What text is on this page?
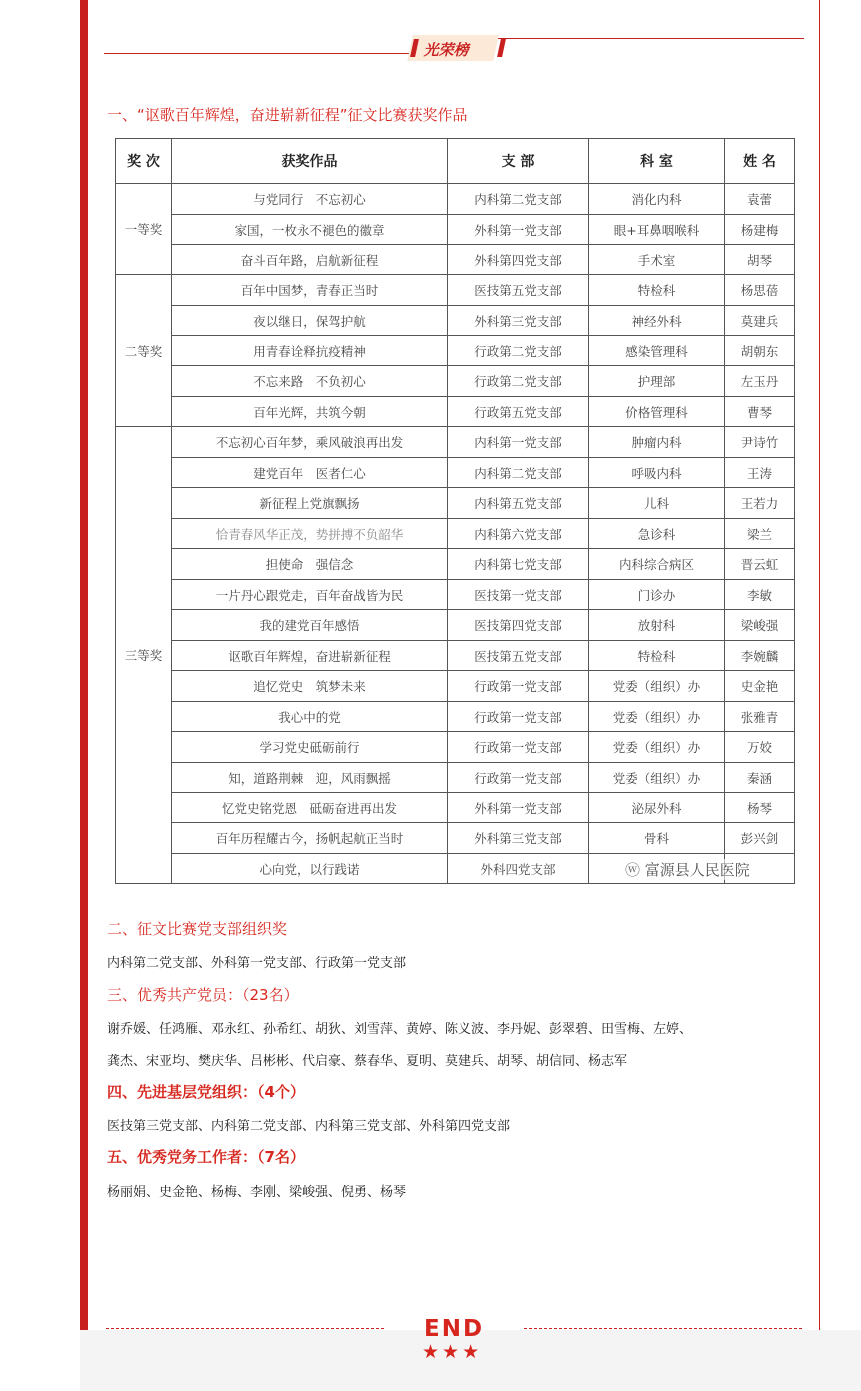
光荣榜
一、“讴歌百年辉煌，奋进崭新征程”征文比赛获奖作品
奖 次	获奖作品	支 部	科 室	姓 名
一等奖	与党同行　不忘初心	内科第二党支部	消化内科	袁蕾
	家国，一枚永不褪色的徽章	外科第一党支部	眼+耳鼻咽喉科	杨建梅
	奋斗百年路，启航新征程	外科第四党支部	手术室	胡琴
二等奖	百年中国梦，青春正当时	医技第五党支部	特检科	杨思蓓
	夜以继日，保驾护航	外科第三党支部	神经外科	莫建兵
	用青春诠释抗疫精神	行政第二党支部	感染管理科	胡朝东
	不忘来路　不负初心	行政第二党支部	护理部	左玉丹
	百年光辉，共筑今朝	行政第五党支部	价格管理科	曹琴
三等奖	不忘初心百年梦，乘风破浪再出发	内科第一党支部	肿瘤内科	尹诗竹
	建党百年　医者仁心	内科第二党支部	呼吸内科	王涛
	新征程上党旗飘扬	内科第五党支部	儿科	王若力
	恰青春风华正茂，势拼搏不负韶华	内科第六党支部	急诊科	梁兰
	担使命　强信念	内科第七党支部	内科综合病区	晋云虹
	一片丹心跟党走，百年奋战皆为民	医技第一党支部	门诊办	李敏
	我的建党百年感悟	医技第四党支部	放射科	梁峻强
	讴歌百年辉煌，奋进崭新征程	医技第五党支部	特检科	李婉麟
	追忆党史　筑梦未来	行政第一党支部	党委（组织）办	史金艳
	我心中的党	行政第一党支部	党委（组织）办	张雅青
	学习党史砥砺前行	行政第一党支部	党委（组织）办	万姣
	知，道路荆棘　迎，风雨飘摇	行政第一党支部	党委（组织）办	秦涵
	忆党史铭党恩　砥砺奋进再出发	外科第一党支部	泌尿外科	杨琴
	百年历程耀古今，扬帆起航正当时	外科第三党支部	骨科	彭兴剑
	心向党，以行践诺	外科四党支部			ⓦ 富源县人民医院
二、征文比赛党支部组织奖
内科第二党支部、外科第一党支部、行政第一党支部
三、优秀共产党员：（23名）
谢乔媛、任鸿雁、邓永红、孙希红、胡狄、刘雪萍、黄婷、陈义波、李丹妮、彭翠碧、田雪梅、左婷、
龚杰、宋亚均、樊庆华、吕彬彬、代启豪、蔡春华、夏明、莫建兵、胡琴、胡信同、杨志军
四、先进基层党组织：（4个）
医技第三党支部、内科第二党支部、内科第三党支部、外科第四党支部
五、优秀党务工作者：（7名）
杨丽娟、史金艳、杨梅、李刚、梁峻强、倪勇、杨琴
END
★★★
